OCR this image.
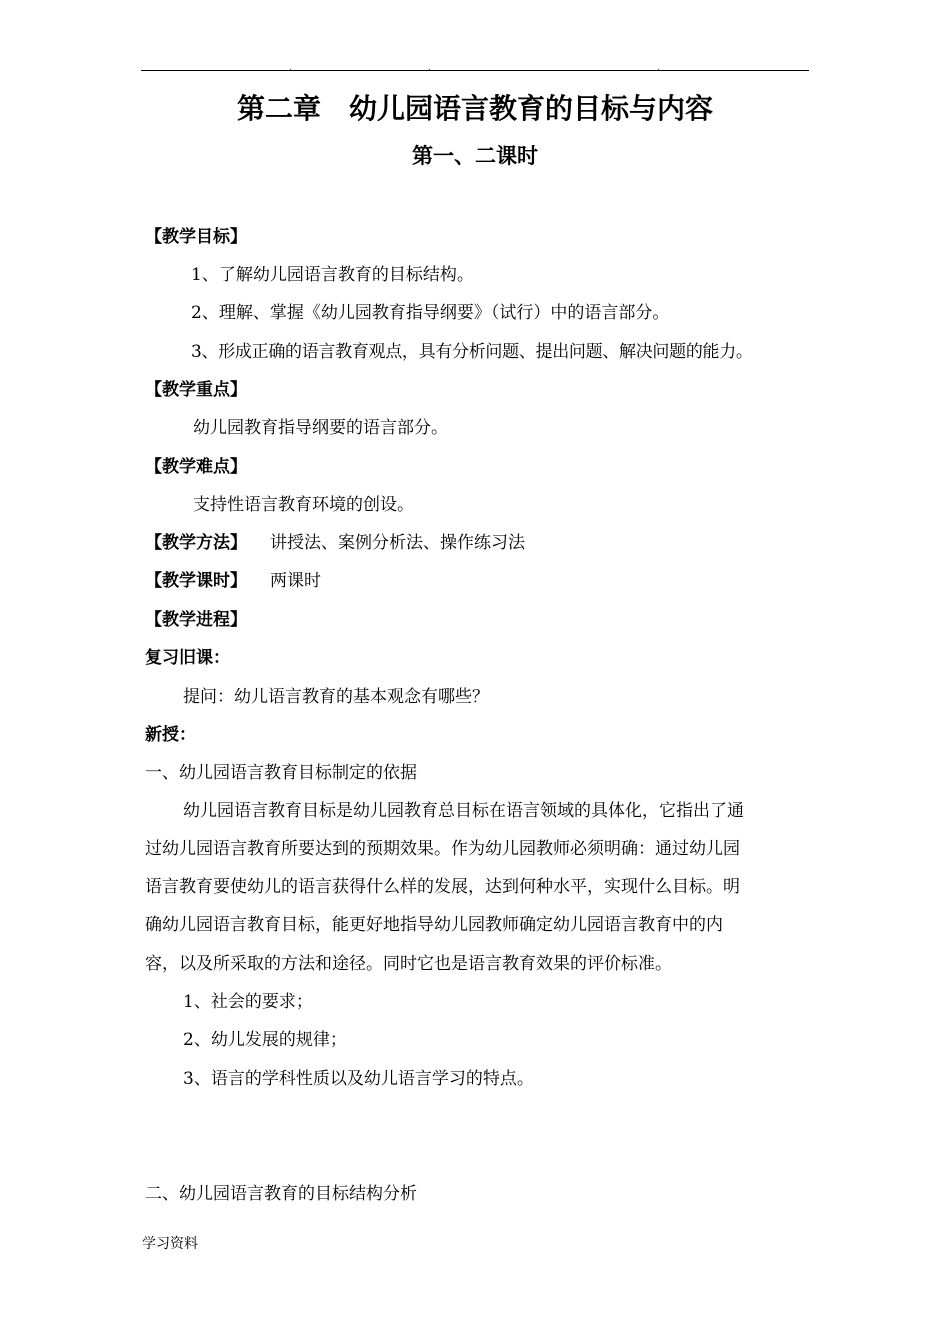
.	.	.
第二章　幼儿园语言教育的目标与内容
第一、二课时
【教学目标】
1、了解幼儿园语言教育的目标结构。
2、理解、掌握《幼儿园教育指导纲要》（试行）中的语言部分。
3、形成正确的语言教育观点，具有分析问题、提出问题、解决问题的能力。
【教学重点】
幼儿园教育指导纲要的语言部分。
【教学难点】
支持性语言教育环境的创设。
【教学方法】 讲授法、案例分析法、操作练习法
【教学课时】 两课时
【教学进程】
复习旧课：
提问：幼儿语言教育的基本观念有哪些？
新授：
一、幼儿园语言教育目标制定的依据
幼儿园语言教育目标是幼儿园教育总目标在语言领域的具体化，它指出了通
过幼儿园语言教育所要达到的预期效果。作为幼儿园教师必须明确：通过幼儿园
语言教育要使幼儿的语言获得什么样的发展，达到何种水平，实现什么目标。明
确幼儿园语言教育目标，能更好地指导幼儿园教师确定幼儿园语言教育中的内
容，以及所采取的方法和途径。同时它也是语言教育效果的评价标准。
1、社会的要求；
2、幼儿发展的规律；
3、语言的学科性质以及幼儿语言学习的特点。
二、幼儿园语言教育的目标结构分析
学习资料
